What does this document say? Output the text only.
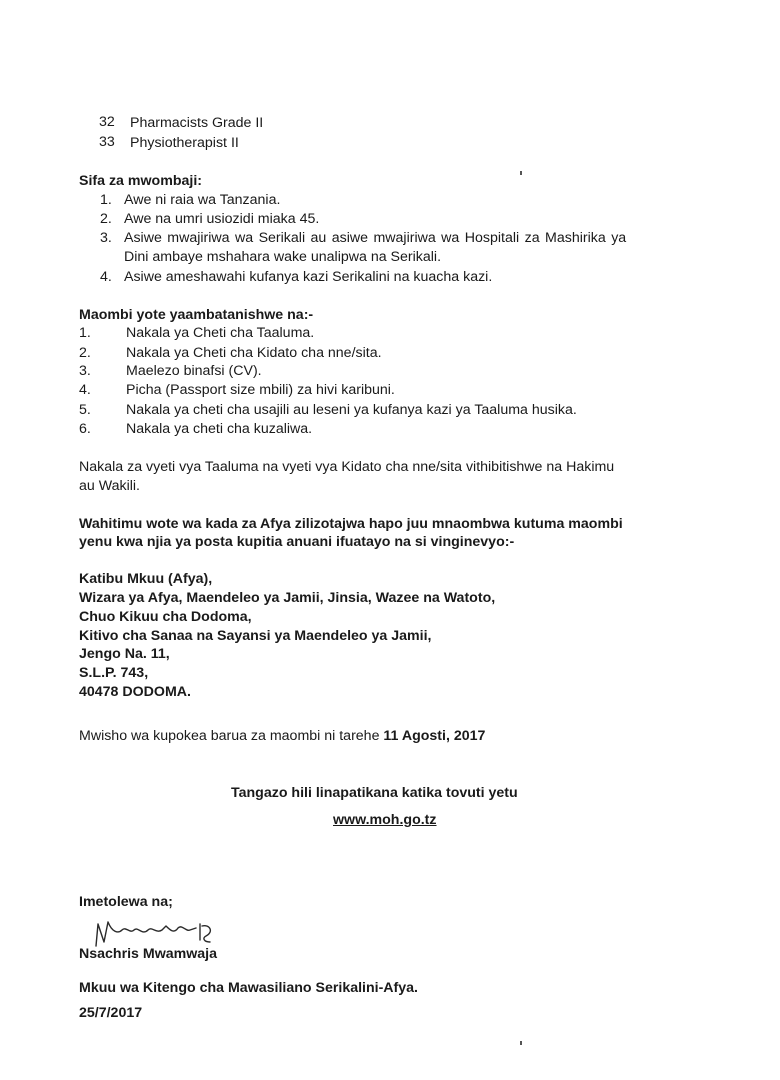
32 Pharmacists Grade II
33 Physiotherapist II
Sifa za mwombaji:
1. Awe ni raia wa Tanzania.
2. Awe na umri usiozidi miaka 45.
3. Asiwe mwajiriwa wa Serikali au asiwe mwajiriwa wa Hospitali za Mashirika ya
Dini ambaye mshahara wake unalipwa na Serikali.
4. Asiwe ameshawahi kufanya kazi Serikalini na kuacha kazi.
Maombi yote yaambatanishwe na:-
1. Nakala ya Cheti cha Taaluma.
2. Nakala ya Cheti cha Kidato cha nne/sita.
3. Maelezo binafsi (CV).
4. Picha (Passport size mbili) za hivi karibuni.
5. Nakala ya cheti cha usajili au leseni ya kufanya kazi ya Taaluma husika.
6. Nakala ya cheti cha kuzaliwa.
Nakala za vyeti vya Taaluma na vyeti vya Kidato cha nne/sita vithibitishwe na Hakimu
au Wakili.
Wahitimu wote wa kada za Afya zilizotajwa hapo juu mnaombwa kutuma maombi
yenu kwa njia ya posta kupitia anuani ifuatayo na si vinginevyo:-
Katibu Mkuu (Afya),
Wizara ya Afya, Maendeleo ya Jamii, Jinsia, Wazee na Watoto,
Chuo Kikuu cha Dodoma,
Kitivo cha Sanaa na Sayansi ya Maendeleo ya Jamii,
Jengo Na. 11,
S.L.P. 743,
40478 DODOMA.
Mwisho wa kupokea barua za maombi ni tarehe 11 Agosti, 2017
Tangazo hili linapatikana katika tovuti yetu
www.moh.go.tz
Imetolewa na;
Nsachris Mwamwaja
Mkuu wa Kitengo cha Mawasiliano Serikalini-Afya.
25/7/2017
